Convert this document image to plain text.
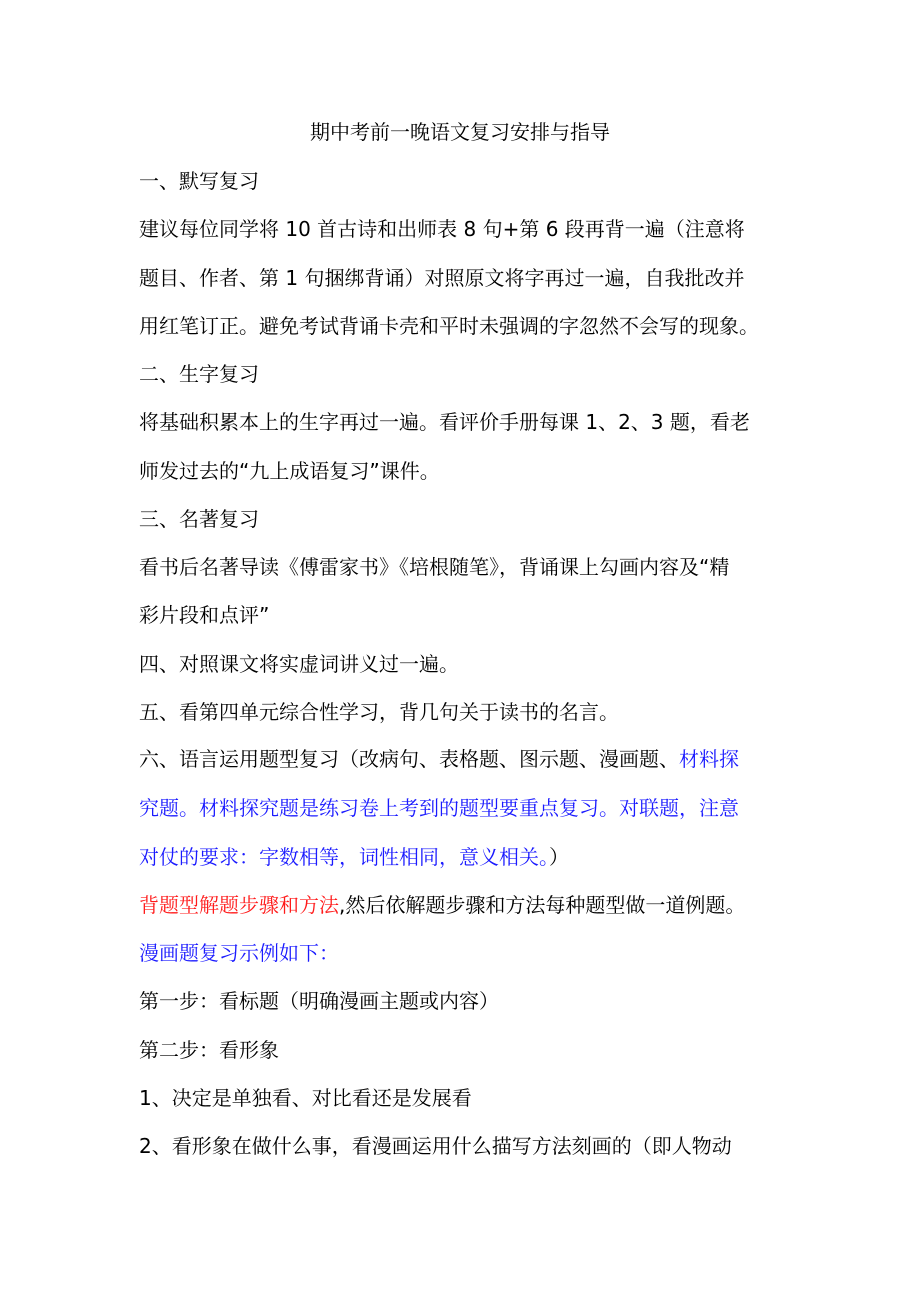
期中考前一晚语文复习安排与指导
一、默写复习
建议每位同学将 10 首古诗和出师表 8 句+第 6 段再背一遍（注意将
题目、作者、第 1 句捆绑背诵）对照原文将字再过一遍，自我批改并
用红笔订正。避免考试背诵卡壳和平时未强调的字忽然不会写的现象。
二、生字复习
将基础积累本上的生字再过一遍。看评价手册每课 1、2、3 题，看老
师发过去的“九上成语复习”课件。
三、名著复习
看书后名著导读《傅雷家书》《培根随笔》，背诵课上勾画内容及“精
彩片段和点评”
四、对照课文将实虚词讲义过一遍。
五、看第四单元综合性学习，背几句关于读书的名言。
六、语言运用题型复习（改病句、表格题、图示题、漫画题、材料探
究题。材料探究题是练习卷上考到的题型要重点复习。对联题，注意
对仗的要求：字数相等，词性相同，意义相关。）
背题型解题步骤和方法,然后依解题步骤和方法每种题型做一道例题。
漫画题复习示例如下：
第一步：看标题（明确漫画主题或内容）
第二步：看形象
1、决定是单独看、对比看还是发展看
2、看形象在做什么事，看漫画运用什么描写方法刻画的（即人物动
